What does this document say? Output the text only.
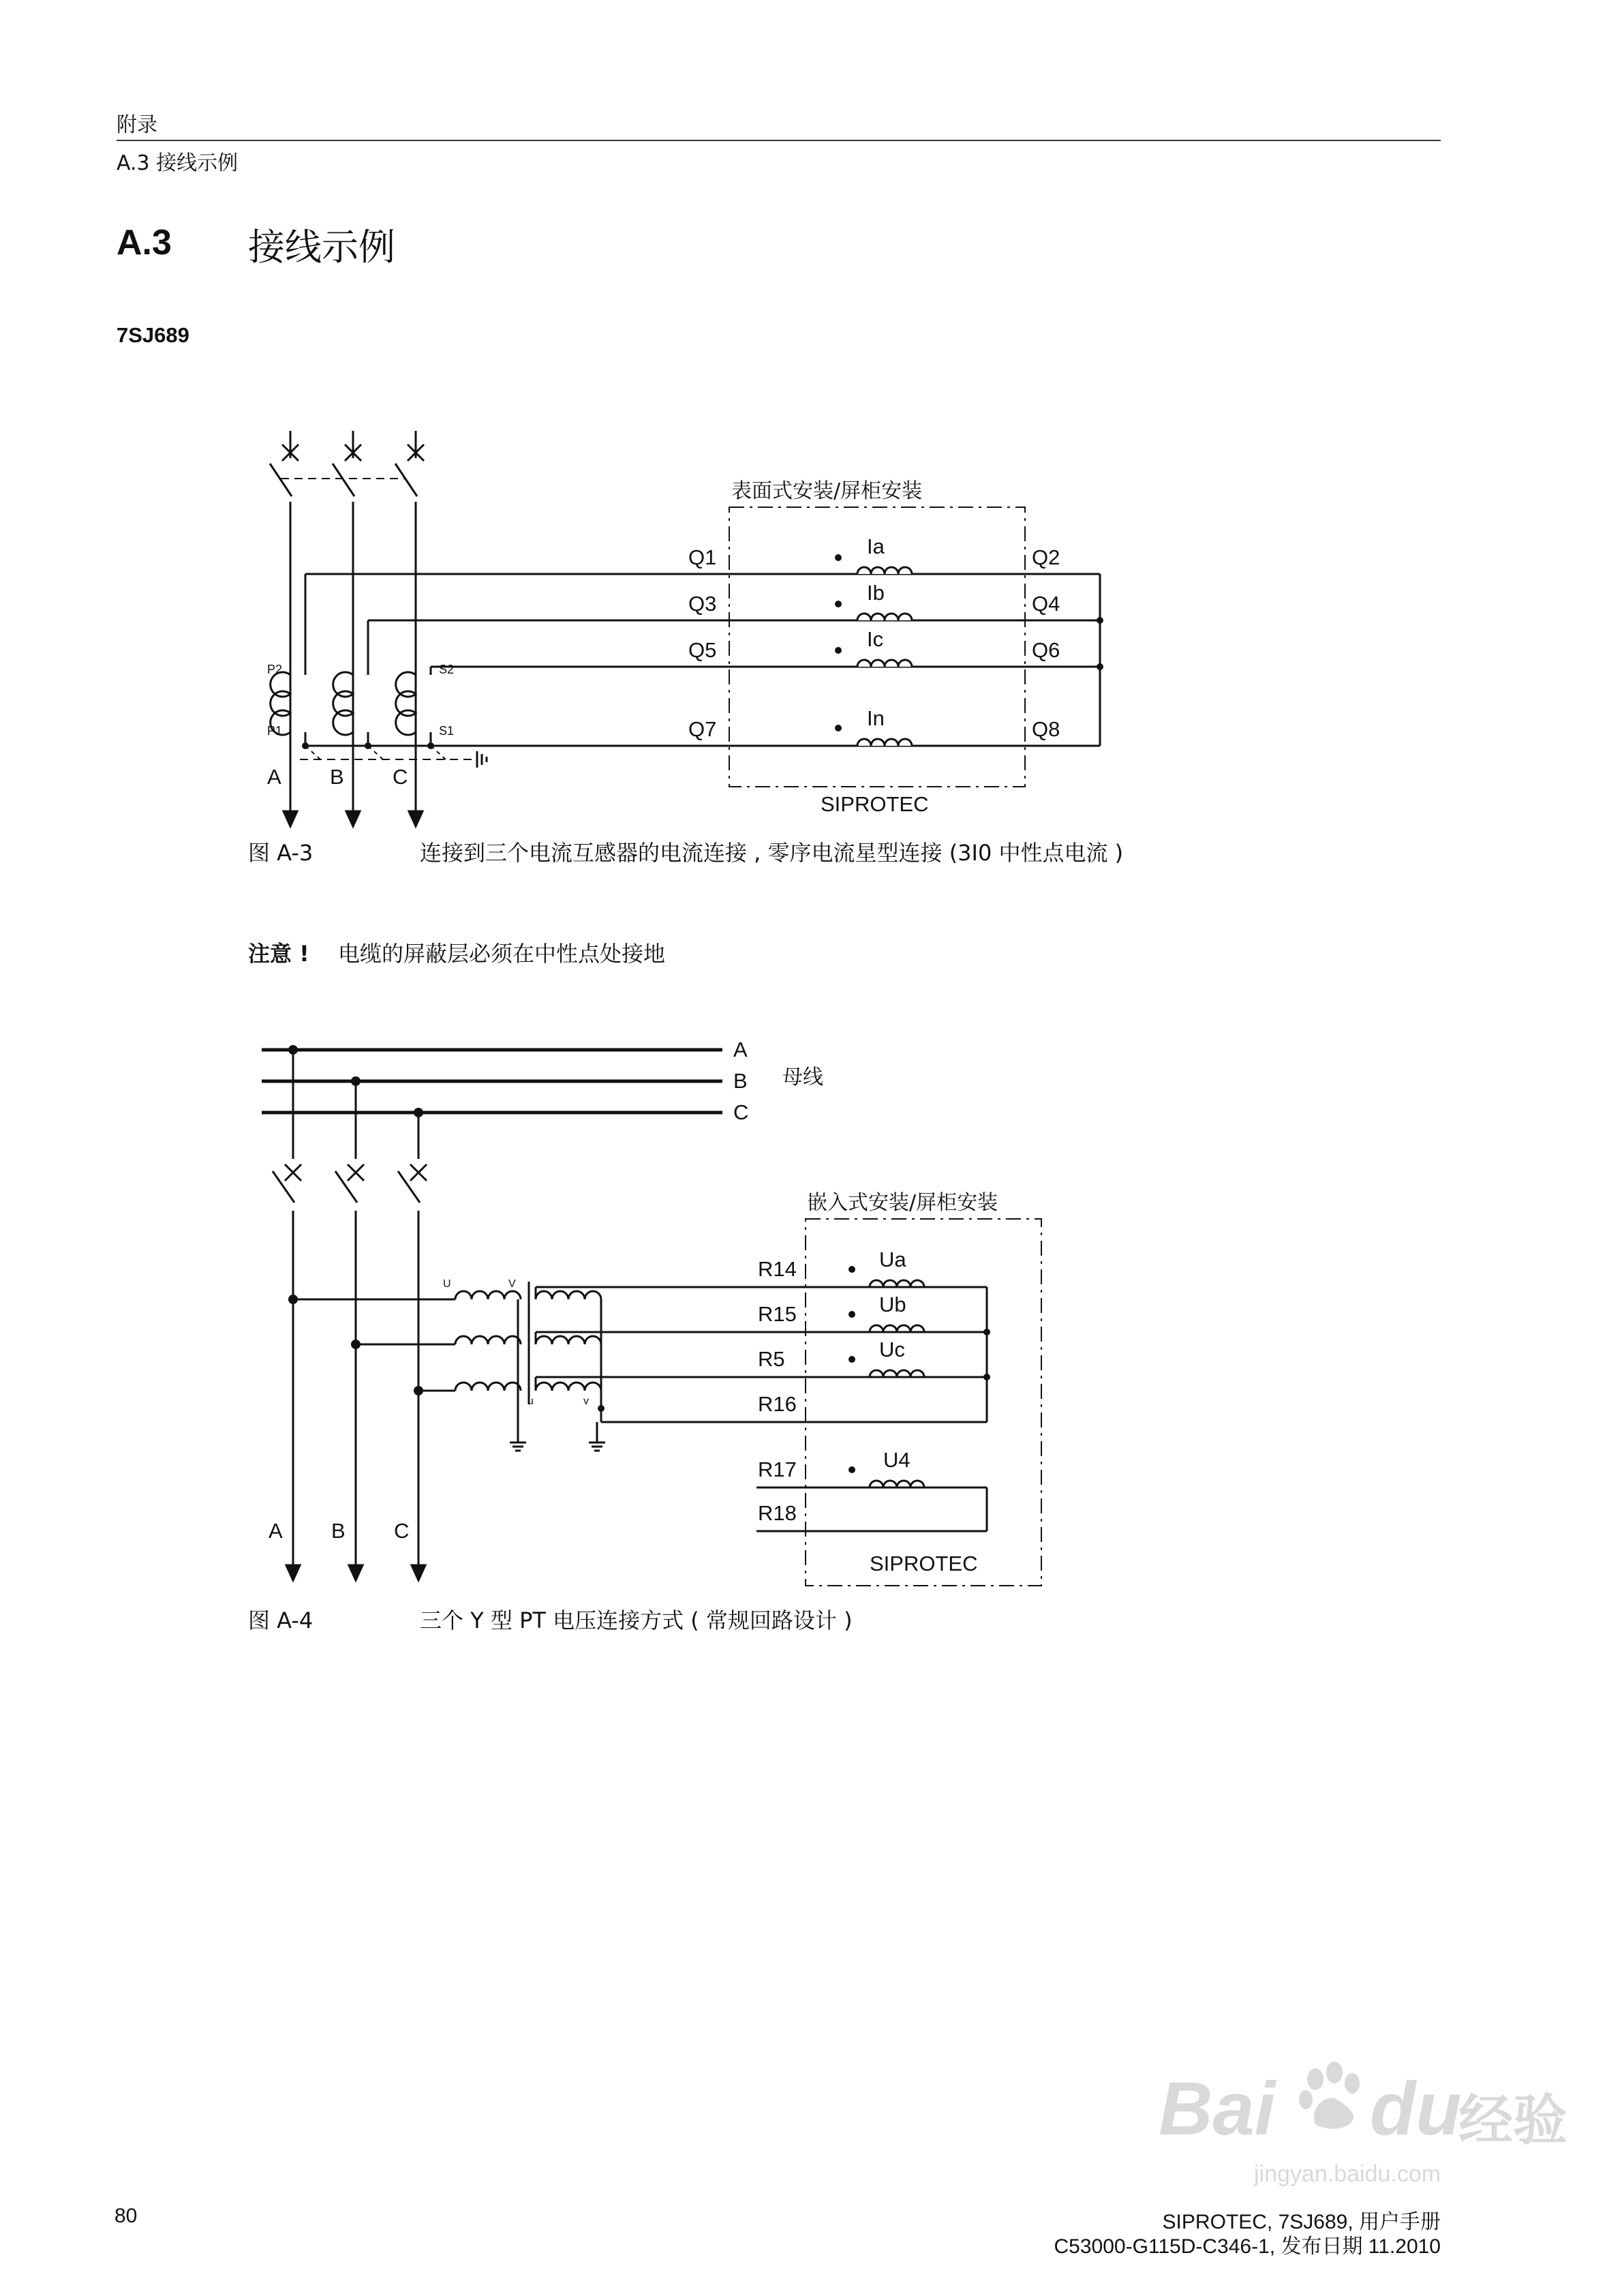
附录
A.3 接线示例
A.3 接线示例
7SJ689
表面式安装/屏柜安装
Q1
Q3
Q5
Q7
Q2
Q4
Q6
Q8
Ia
Ib
Ic
In
SIPROTEC
A B C
P2
P1
S2
S1
图 A-3	连接到三个电流互感器的电流连接 , 零序电流星型连接 (3I0 中性点电流 )
注意 ! 电缆的屏蔽层必须在中性点处接地
A
B
C
R14
R15
R5
R16
R17
R18
Ua
Ub
Uc
U4
SIPROTEC
A B C
母线
嵌入式安装/屏柜安装
U	V
u	v
图 A-4	三个 Y 型 PT 电压连接方式 ( 常规回路设计 )
Bai du
经验
jingyan.baidu.com
80	SIPROTEC, 7SJ689, 用户手册
C53000-G115D-C346-1, 发布日期 11.2010
